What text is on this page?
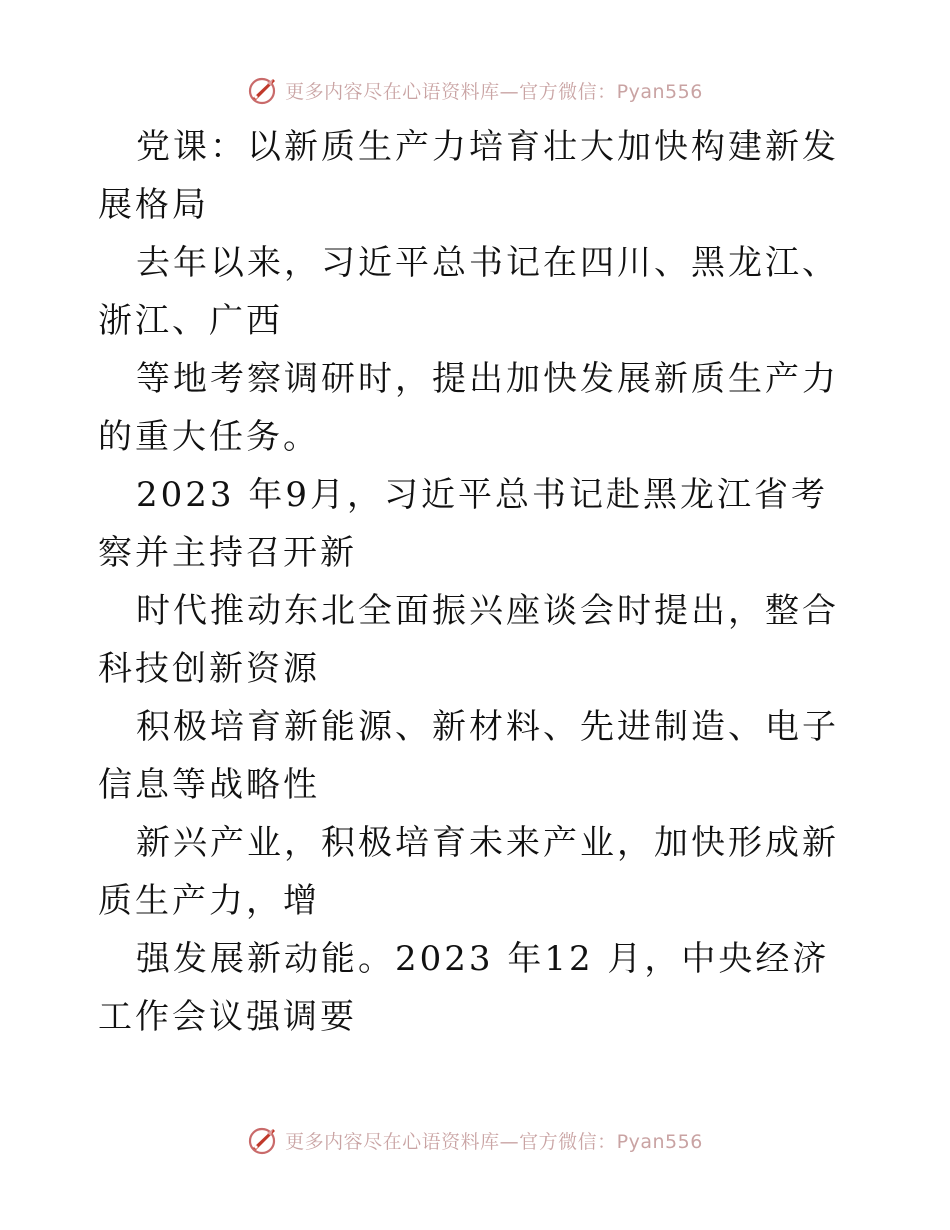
更多内容尽在心语资料库—官方微信：Pyan556

党课：以新质生产力培育壮大加快构建新发展格局

去年以来，习近平总书记在四川、黑龙江、浙江、广西

等地考察调研时，提出加快发展新质生产力的重大任务。

2023 年9月，习近平总书记赴黑龙江省考察并主持召开新

时代推动东北全面振兴座谈会时提出，整合科技创新资源

积极培育新能源、新材料、先进制造、电子信息等战略性

新兴产业，积极培育未来产业，加快形成新质生产力，增

强发展新动能。2023 年12 月，中央经济工作会议强调要

更多内容尽在心语资料库—官方微信：Pyan556
